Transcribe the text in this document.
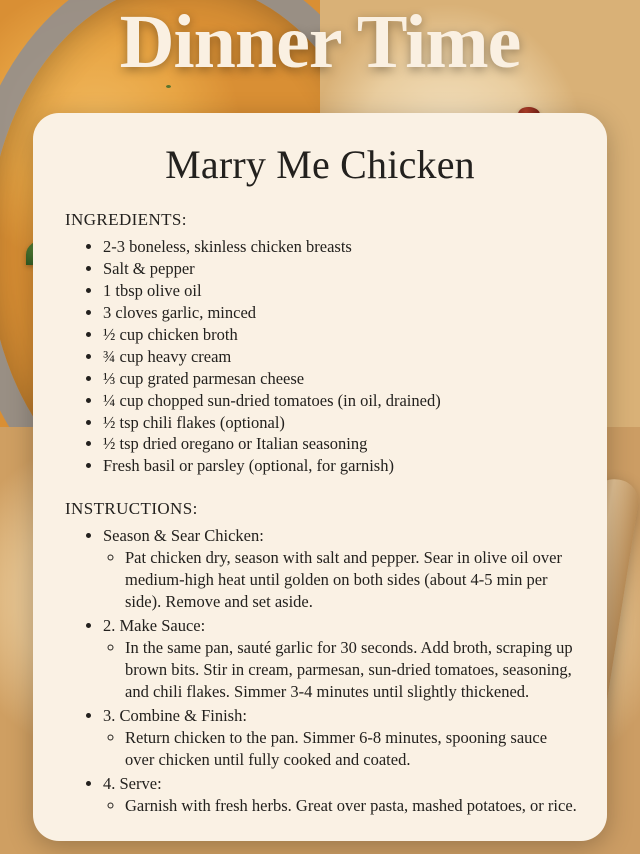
Dinner Time
Marry Me Chicken
INGREDIENTS:
• 2-3 boneless, skinless chicken breasts
• Salt & pepper
• 1 tbsp olive oil
• 3 cloves garlic, minced
• ½ cup chicken broth
• ¾ cup heavy cream
• ⅓ cup grated parmesan cheese
• ¼ cup chopped sun-dried tomatoes (in oil, drained)
• ½ tsp chili flakes (optional)
• ½ tsp dried oregano or Italian seasoning
• Fresh basil or parsley (optional, for garnish)
INSTRUCTIONS:
• Season & Sear Chicken:
◦ Pat chicken dry, season with salt and pepper. Sear in olive oil over medium-high heat until golden on both sides (about 4-5 min per side). Remove and set aside.
• 2. Make Sauce:
◦ In the same pan, sauté garlic for 30 seconds. Add broth, scraping up brown bits. Stir in cream, parmesan, sun-dried tomatoes, seasoning, and chili flakes. Simmer 3-4 minutes until slightly thickened.
• 3. Combine & Finish:
◦ Return chicken to the pan. Simmer 6-8 minutes, spooning sauce over chicken until fully cooked and coated.
• 4. Serve:
◦ Garnish with fresh herbs. Great over pasta, mashed potatoes, or rice.
